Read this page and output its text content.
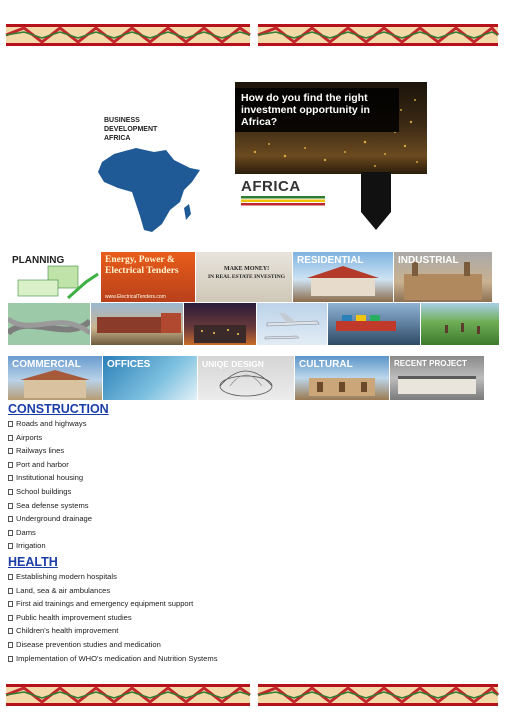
BUSINESS DEVELOPMENT AFRICA
How do you find the right investment opportunity in Africa?
AFRICA
PLANNING	Energy, Power & Electrical Tenders
www.ElectricalTenders.com
MAKE MONEY!
IN REAL ESTATE INVESTING
RESIDENTIAL	INDUSTRIAL
COMMERCIAL	OFFICES	UNIQE DESIGN	CULTURAL	RECENT PROJECT
CONSTRUCTION
Roads and highways
Airports
Railways lines
Port and harbor
Institutional housing
School buildings
Sea defense systems
Underground drainage
Dams
Irrigation
HEALTH
Establishing modern hospitals
Land, sea & air ambulances
First aid trainings and emergency equipment support
Public health improvement studies
Children's health improvement
Disease prevention studies and medication
Implementation of WHO's medication and Nutrition Systems
